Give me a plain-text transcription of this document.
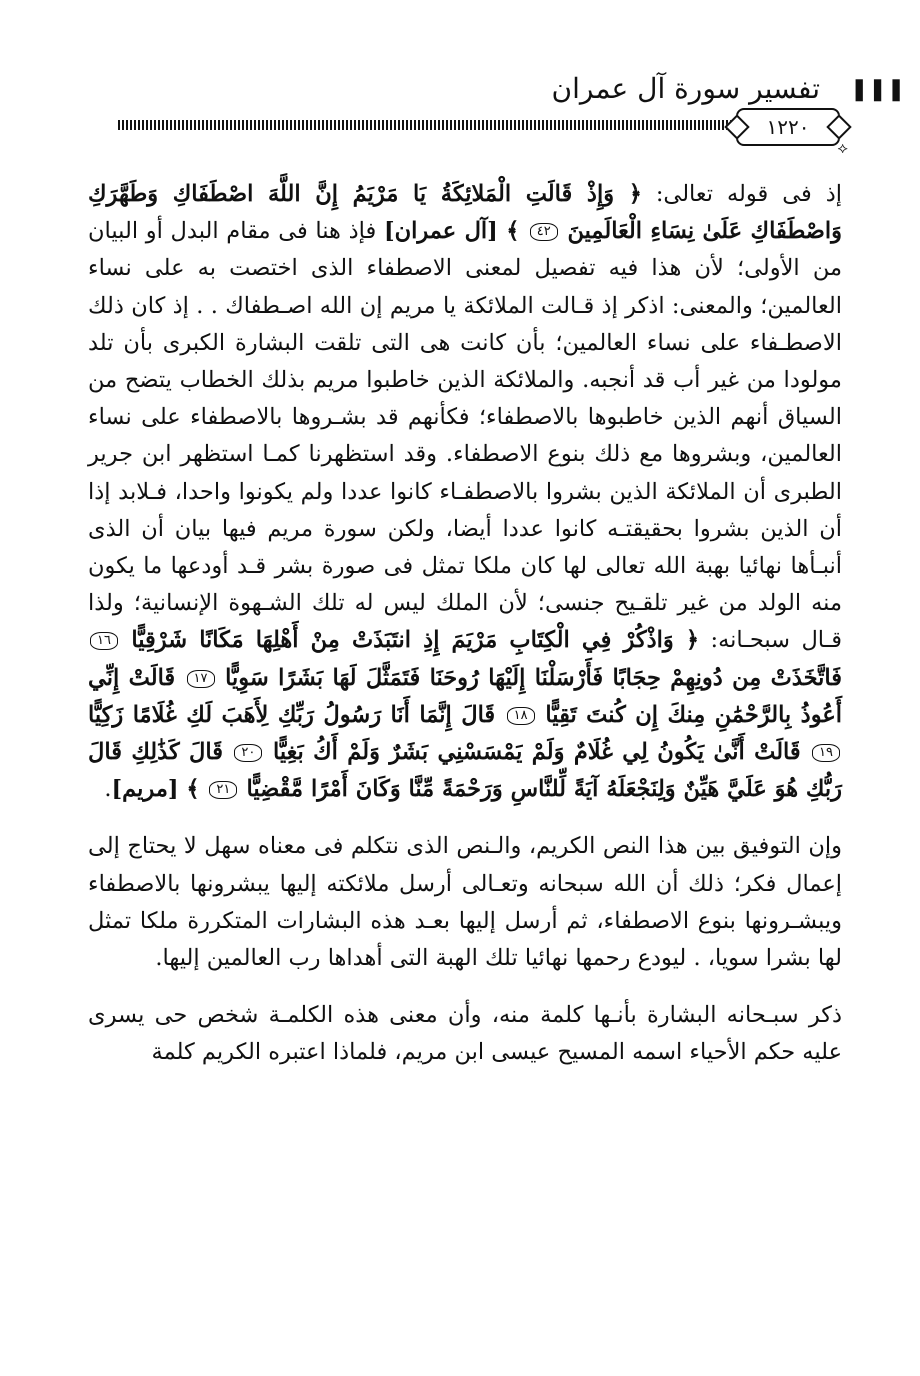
تفسير سورة آل عمران ❚❚❚
١٢٢٠
⟡

إذ فى قوله تعالى: ﴿ وَإِذْ قَالَتِ الْمَلائِكَةُ يَا مَرْيَمُ إِنَّ اللَّهَ اصْطَفَاكِ وَطَهَّرَكِ وَاصْطَفَاكِ عَلَىٰ نِسَاءِ الْعَالَمِينَ ٤٢ ﴾ [آل عمران] فإذ هنا فى مقام البدل أو البيان من الأولى؛ لأن هذا فيه تفصيل لمعنى الاصطفاء الذى اختصت به على نساء العالمين؛ والمعنى: اذكر إذ قـالت الملائكة يا مريم إن الله اصـطفاك . . إذ كان ذلك الاصطـفاء على نساء العالمين؛ بأن كانت هى التى تلقت البشارة الكبرى بأن تلد مولودا من غير أب قد أنجبه. والملائكة الذين خاطبوا مريم بذلك الخطاب يتضح من السياق أنهم الذين خاطبوها بالاصطفاء؛ فكأنهم قد بشـروها بالاصطفاء على نساء العالمين، وبشروها مع ذلك بنوع الاصطفاء. وقد استظهرنا كمـا استظهر ابن جرير الطبرى أن الملائكة الذين بشروا بالاصطفـاء كانوا عددا ولم يكونوا واحدا، فـلابد إذا أن الذين بشروا بحقيقتـه كانوا عددا أيضا، ولكن سورة مريم فيها بيان أن الذى أنبـأها نهائيا بهبة الله تعالى لها كان ملكا تمثل فى صورة بشر قـد أودعها ما يكون منه الولد من غير تلقـيح جنسى؛ لأن الملك ليس له تلك الشـهوة الإنسانية؛ ولذا قـال سبحـانه: ﴿ وَاذْكُرْ فِي الْكِتَابِ مَرْيَمَ إِذِ انتَبَذَتْ مِنْ أَهْلِهَا مَكَانًا شَرْقِيًّا ١٦ فَاتَّخَذَتْ مِن دُونِهِمْ حِجَابًا فَأَرْسَلْنَا إِلَيْهَا رُوحَنَا فَتَمَثَّلَ لَهَا بَشَرًا سَوِيًّا ١٧ قَالَتْ إِنِّي أَعُوذُ بِالرَّحْمَٰنِ مِنكَ إِن كُنتَ تَقِيًّا ١٨ قَالَ إِنَّمَا أَنَا رَسُولُ رَبِّكِ لِأَهَبَ لَكِ غُلَامًا زَكِيًّا ١٩ قَالَتْ أَنَّىٰ يَكُونُ لِي غُلَامٌ وَلَمْ يَمْسَسْنِي بَشَرٌ وَلَمْ أَكُ بَغِيًّا ٢٠ قَالَ كَذَٰلِكِ قَالَ رَبُّكِ هُوَ عَلَيَّ هَيِّنٌ وَلِنَجْعَلَهُ آيَةً لِّلنَّاسِ وَرَحْمَةً مِّنَّا وَكَانَ أَمْرًا مَّقْضِيًّا ٢١ ﴾ [مريم].

وإن التوفيق بين هذا النص الكريم، والـنص الذى نتكلم فى معناه سهل لا يحتاج إلى إعمال فكر؛ ذلك أن الله سبحانه وتعـالى أرسل ملائكته إليها يبشرونها بالاصطفاء ويبشـرونها بنوع الاصطفاء، ثم أرسل إليها بعـد هذه البشارات المتكررة ملكا تمثل لها بشرا سويا، . ليودع رحمها نهائيا تلك الهبة التى أهداها رب العالمين إليها.

ذكر سبـحانه البشارة بأنـها كلمة منه، وأن معنى هذه الكلمـة شخص حى يسرى عليه حكم الأحياء اسمه المسيح عيسى ابن مريم، فلماذا اعتبره الكريم كلمة
